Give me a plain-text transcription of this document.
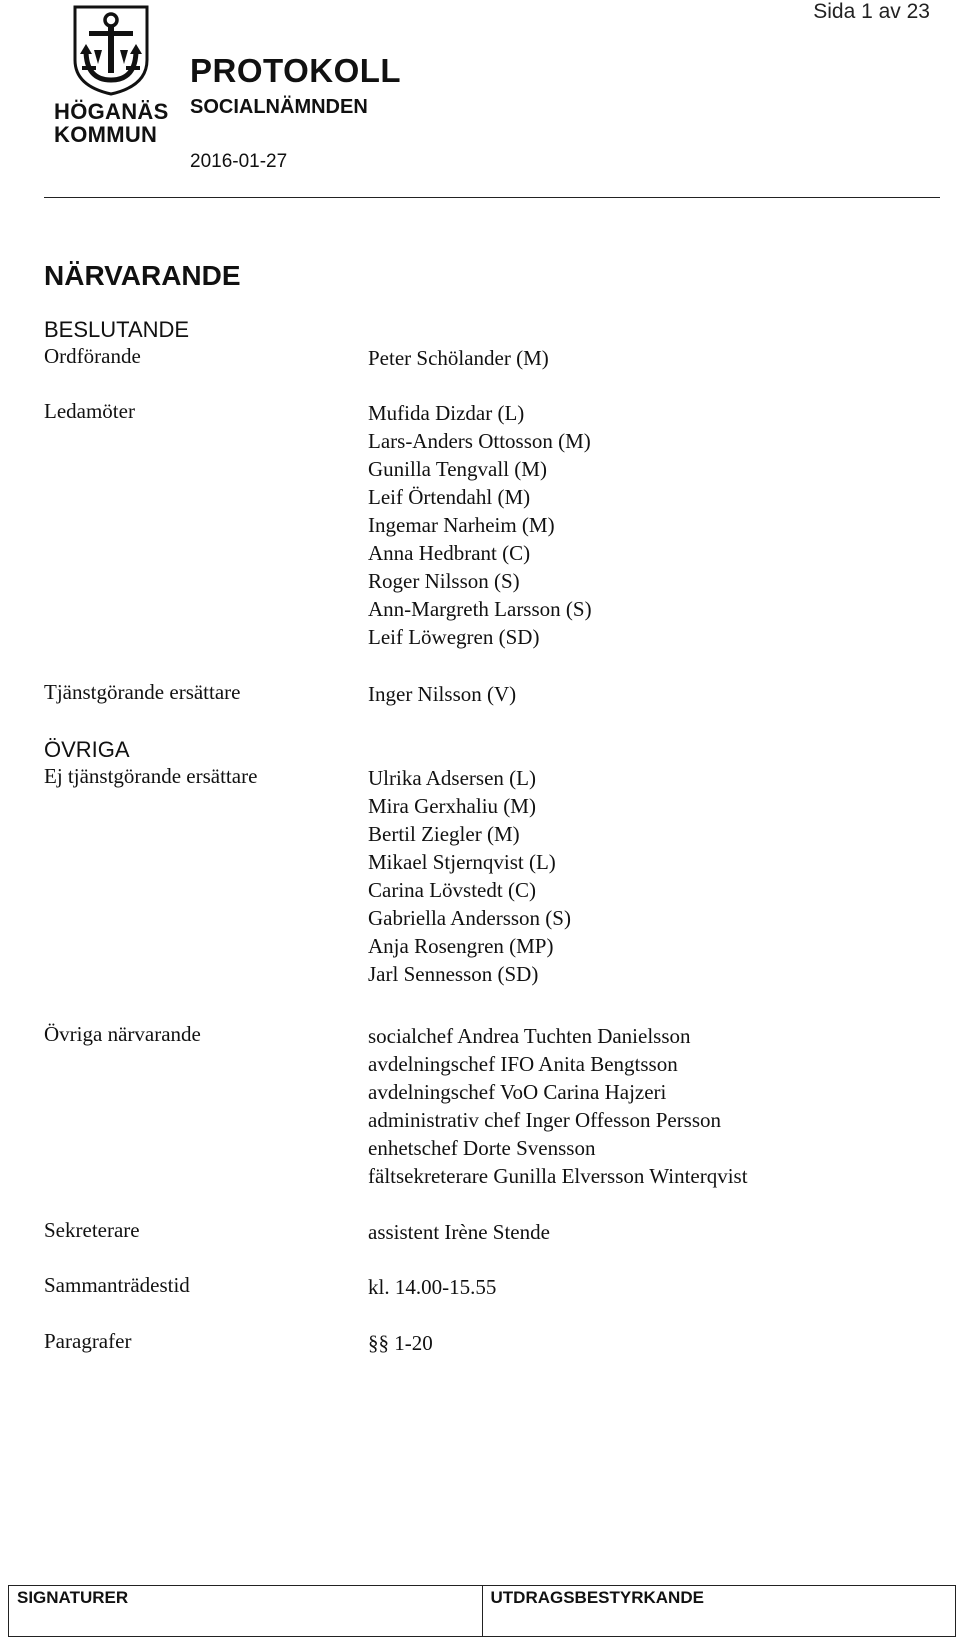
Sida 1 av 23
HÖGANÄS
KOMMUN
PROTOKOLL
SOCIALNÄMNDEN
2016-01-27
NÄRVARANDE
BESLUTANDE
Ordförande	Peter Schölander (M)
Ledamöter	Mufida Dizdar (L)
Lars-Anders Ottosson (M)
Gunilla Tengvall (M)
Leif Örtendahl (M)
Ingemar Narheim (M)
Anna Hedbrant (C)
Roger Nilsson (S)
Ann-Margreth Larsson (S)
Leif Löwegren (SD)
Tjänstgörande ersättare	Inger Nilsson (V)
ÖVRIGA
Ej tjänstgörande ersättare	Ulrika Adsersen (L)
Mira Gerxhaliu (M)
Bertil Ziegler (M)
Mikael Stjernqvist (L)
Carina Lövstedt (C)
Gabriella Andersson (S)
Anja Rosengren (MP)
Jarl Sennesson (SD)
Övriga närvarande	socialchef Andrea Tuchten Danielsson
avdelningschef IFO Anita Bengtsson
avdelningschef VoO Carina Hajzeri
administrativ chef Inger Offesson Persson
enhetschef Dorte Svensson
fältsekreterare Gunilla Elversson Winterqvist
Sekreterare	assistent Irène Stende
Sammanträdestid	kl. 14.00-15.55
Paragrafer	§§ 1-20
SIGNATURER	UTDRAGSBESTYRKANDE
